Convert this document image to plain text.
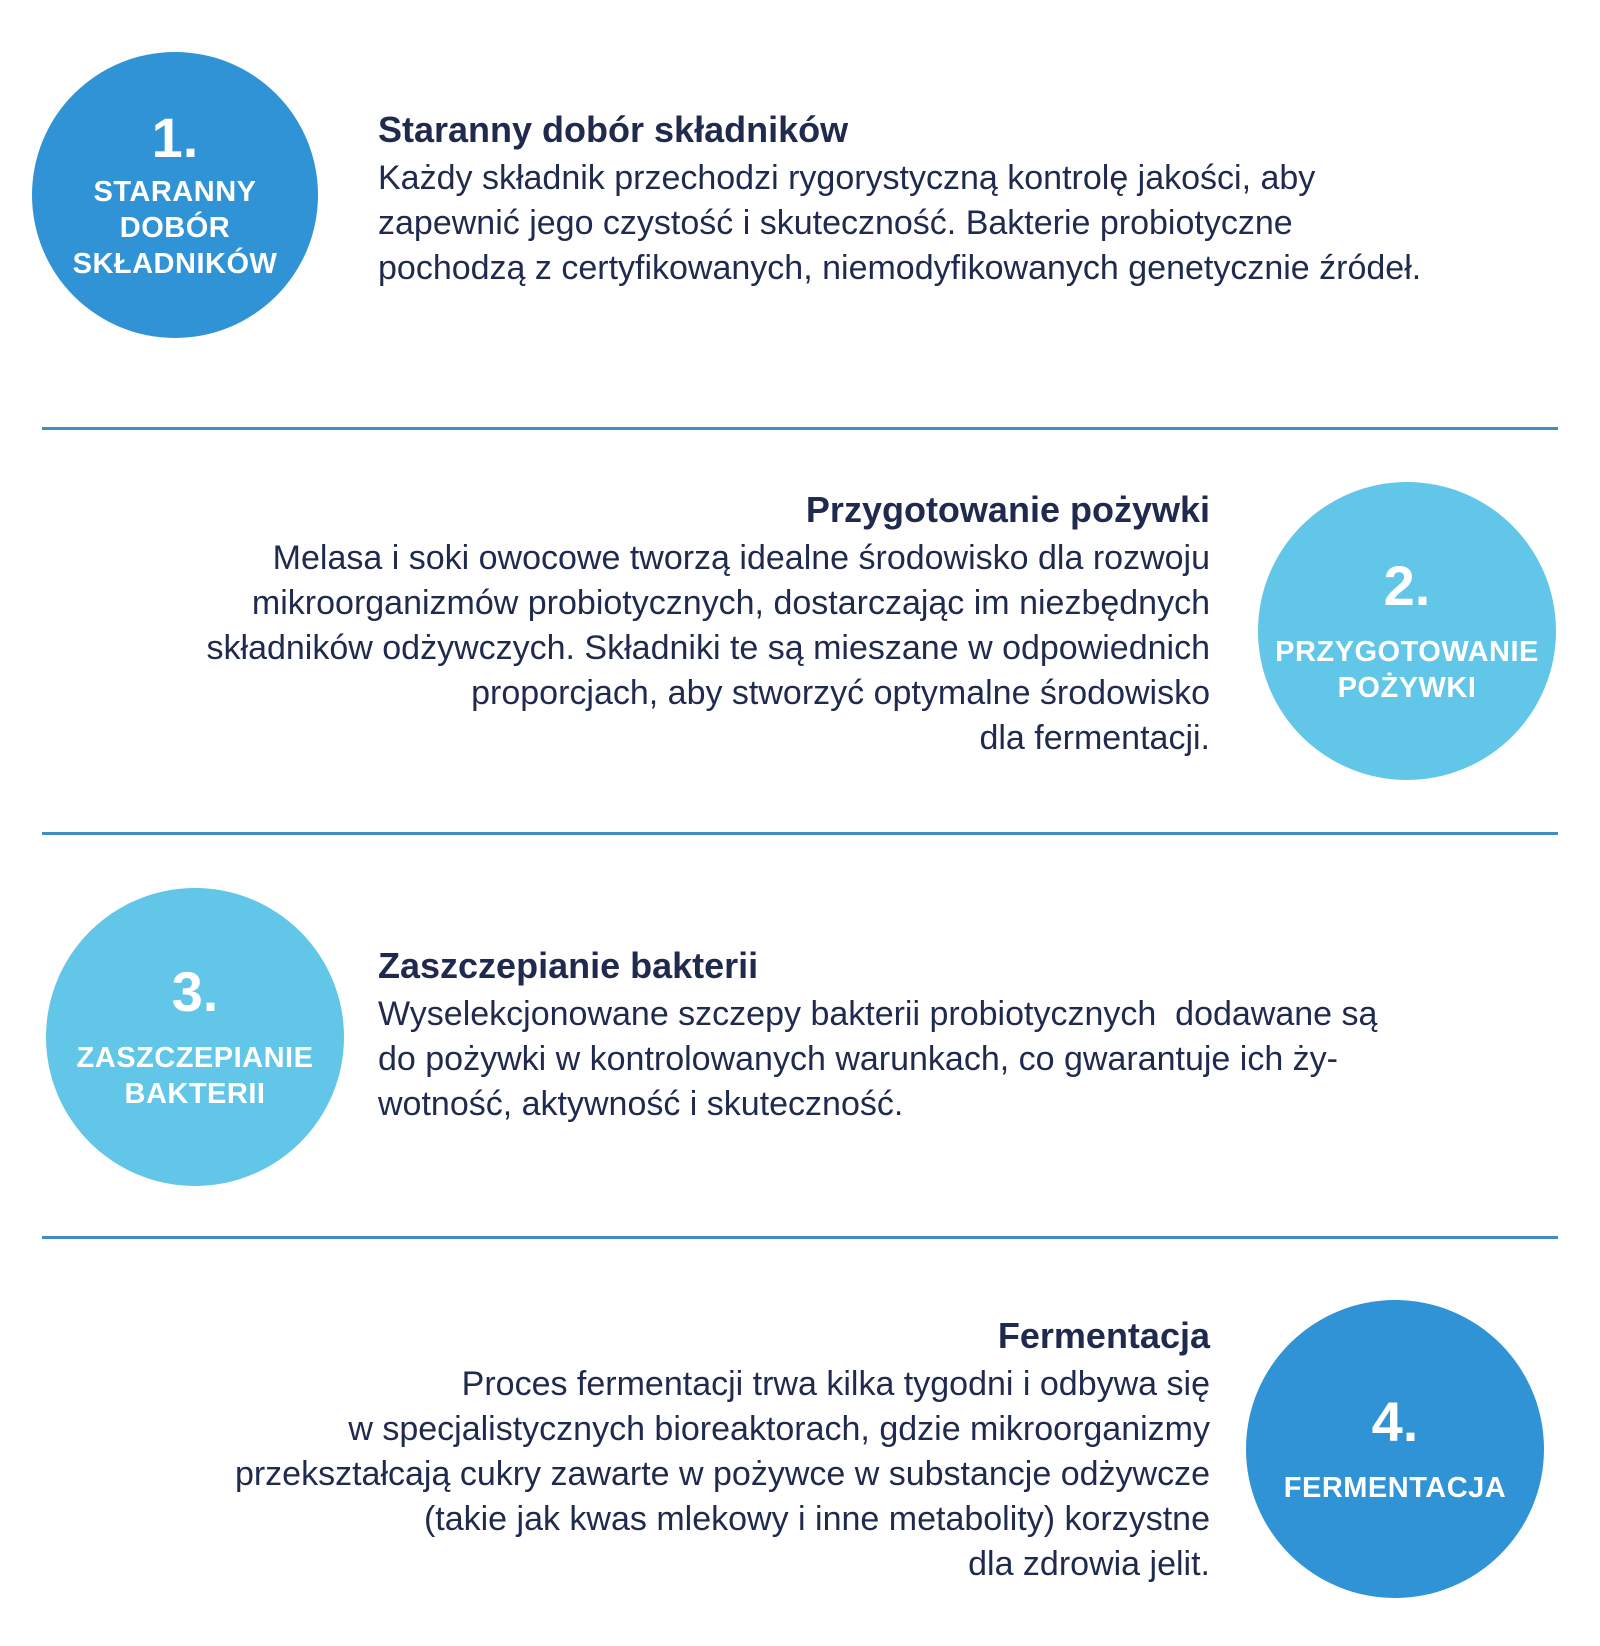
1.
STARANNY
DOBÓR
SKŁADNIKÓW
Staranny dobór składników

Każdy składnik przechodzi rygorystyczną kontrolę jakości, aby
zapewnić jego czystość i skuteczność. Bakterie probiotyczne
pochodzą z certyfikowanych, niemodyfikowanych genetycznie źródeł.

Przygotowanie pożywki

Melasa i soki owocowe tworzą idealne środowisko dla rozwoju
mikroorganizmów probiotycznych, dostarczając im niezbędnych
składników odżywczych. Składniki te są mieszane w odpowiednich
proporcjach, aby stworzyć optymalne środowisko
dla fermentacji.

2.
PRZYGOTOWANIE
POŻYWKI
3.
ZASZCZEPIANIE
BAKTERII
Zaszczepianie bakterii

Wyselekcjonowane szczepy bakterii probiotycznych  dodawane są
do pożywki w kontrolowanych warunkach, co gwarantuje ich ży-
wotność, aktywność i skuteczność.

Fermentacja

Proces fermentacji trwa kilka tygodni i odbywa się
w specjalistycznych bioreaktorach, gdzie mikroorganizmy
przekształcają cukry zawarte w pożywce w substancje odżywcze
(takie jak kwas mlekowy i inne metabolity) korzystne
dla zdrowia jelit.

4.
FERMENTACJA
